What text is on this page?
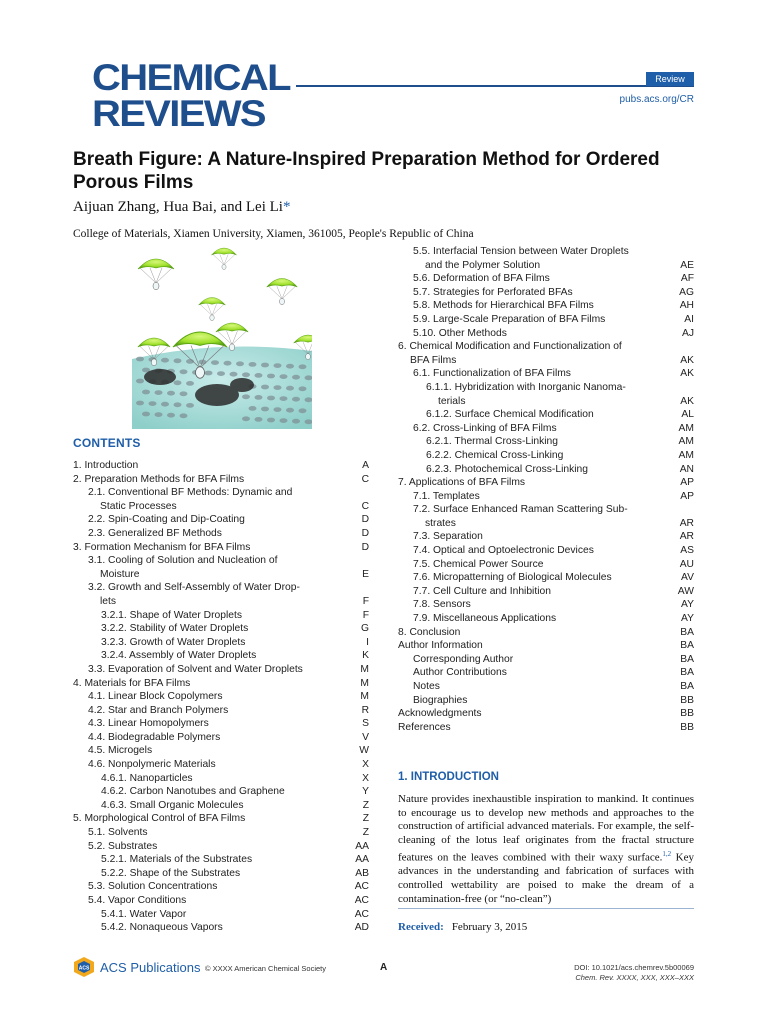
CHEMICAL
REVIEWS
Review
pubs.acs.org/CR
Breath Figure: A Nature-Inspired Preparation Method for Ordered Porous Films
Aijuan Zhang, Hua Bai, and Lei Li*
College of Materials, Xiamen University, Xiamen, 361005, People's Republic of China
CONTENTS
1. Introduction	A
2. Preparation Methods for BFA Films	C
2.1. Conventional BF Methods: Dynamic and
Static Processes	C
2.2. Spin-Coating and Dip-Coating	D
2.3. Generalized BF Methods	D
3. Formation Mechanism for BFA Films	D
3.1. Cooling of Solution and Nucleation of
Moisture	E
3.2. Growth and Self-Assembly of Water Drop-
lets	F
3.2.1. Shape of Water Droplets	F
3.2.2. Stability of Water Droplets	G
3.2.3. Growth of Water Droplets	I
3.2.4. Assembly of Water Droplets	K
3.3. Evaporation of Solvent and Water Droplets	M
4. Materials for BFA Films	M
4.1. Linear Block Copolymers	M
4.2. Star and Branch Polymers	R
4.3. Linear Homopolymers	S
4.4. Biodegradable Polymers	V
4.5. Microgels	W
4.6. Nonpolymeric Materials	X
4.6.1. Nanoparticles	X
4.6.2. Carbon Nanotubes and Graphene	Y
4.6.3. Small Organic Molecules	Z
5. Morphological Control of BFA Films	Z
5.1. Solvents	Z
5.2. Substrates	AA
5.2.1. Materials of the Substrates	AA
5.2.2. Shape of the Substrates	AB
5.3. Solution Concentrations	AC
5.4. Vapor Conditions	AC
5.4.1. Water Vapor	AC
5.4.2. Nonaqueous Vapors	AD
5.5. Interfacial Tension between Water Droplets
and the Polymer Solution	AE
5.6. Deformation of BFA Films	AF
5.7. Strategies for Perforated BFAs	AG
5.8. Methods for Hierarchical BFA Films	AH
5.9. Large-Scale Preparation of BFA Films	AI
5.10. Other Methods	AJ
6. Chemical Modification and Functionalization of
BFA Films	AK
6.1. Functionalization of BFA Films	AK
6.1.1. Hybridization with Inorganic Nanoma-
terials	AK
6.1.2. Surface Chemical Modification	AL
6.2. Cross-Linking of BFA Films	AM
6.2.1. Thermal Cross-Linking	AM
6.2.2. Chemical Cross-Linking	AM
6.2.3. Photochemical Cross-Linking	AN
7. Applications of BFA Films	AP
7.1. Templates	AP
7.2. Surface Enhanced Raman Scattering Sub-
strates	AR
7.3. Separation	AR
7.4. Optical and Optoelectronic Devices	AS
7.5. Chemical Power Source	AU
7.6. Micropatterning of Biological Molecules	AV
7.7. Cell Culture and Inhibition	AW
7.8. Sensors	AY
7.9. Miscellaneous Applications	AY
8. Conclusion	BA
Author Information	BA
Corresponding Author	BA
Author Contributions	BA
Notes	BA
Biographies	BB
Acknowledgments	BB
References	BB
1. INTRODUCTION

Nature provides inexhaustible inspiration to mankind. It continues to encourage us to develop new methods and approaches to the construction of artificial advanced materials. For example, the self-cleaning of the lotus leaf originates from the fractal structure features on the leaves combined with their waxy surface.$^{1,2}$ Key advances in the understanding and fabrication of surfaces with controlled wettability are poised to make the dream of a contamination-free (or “no-clean”)

Received: February 3, 2015
ACS ACS Publications © XXXX American Chemical Society	A	DOI: 10.1021/acs.chemrev.5b00069
Chem. Rev. XXXX, XXX, XXX–XXX
